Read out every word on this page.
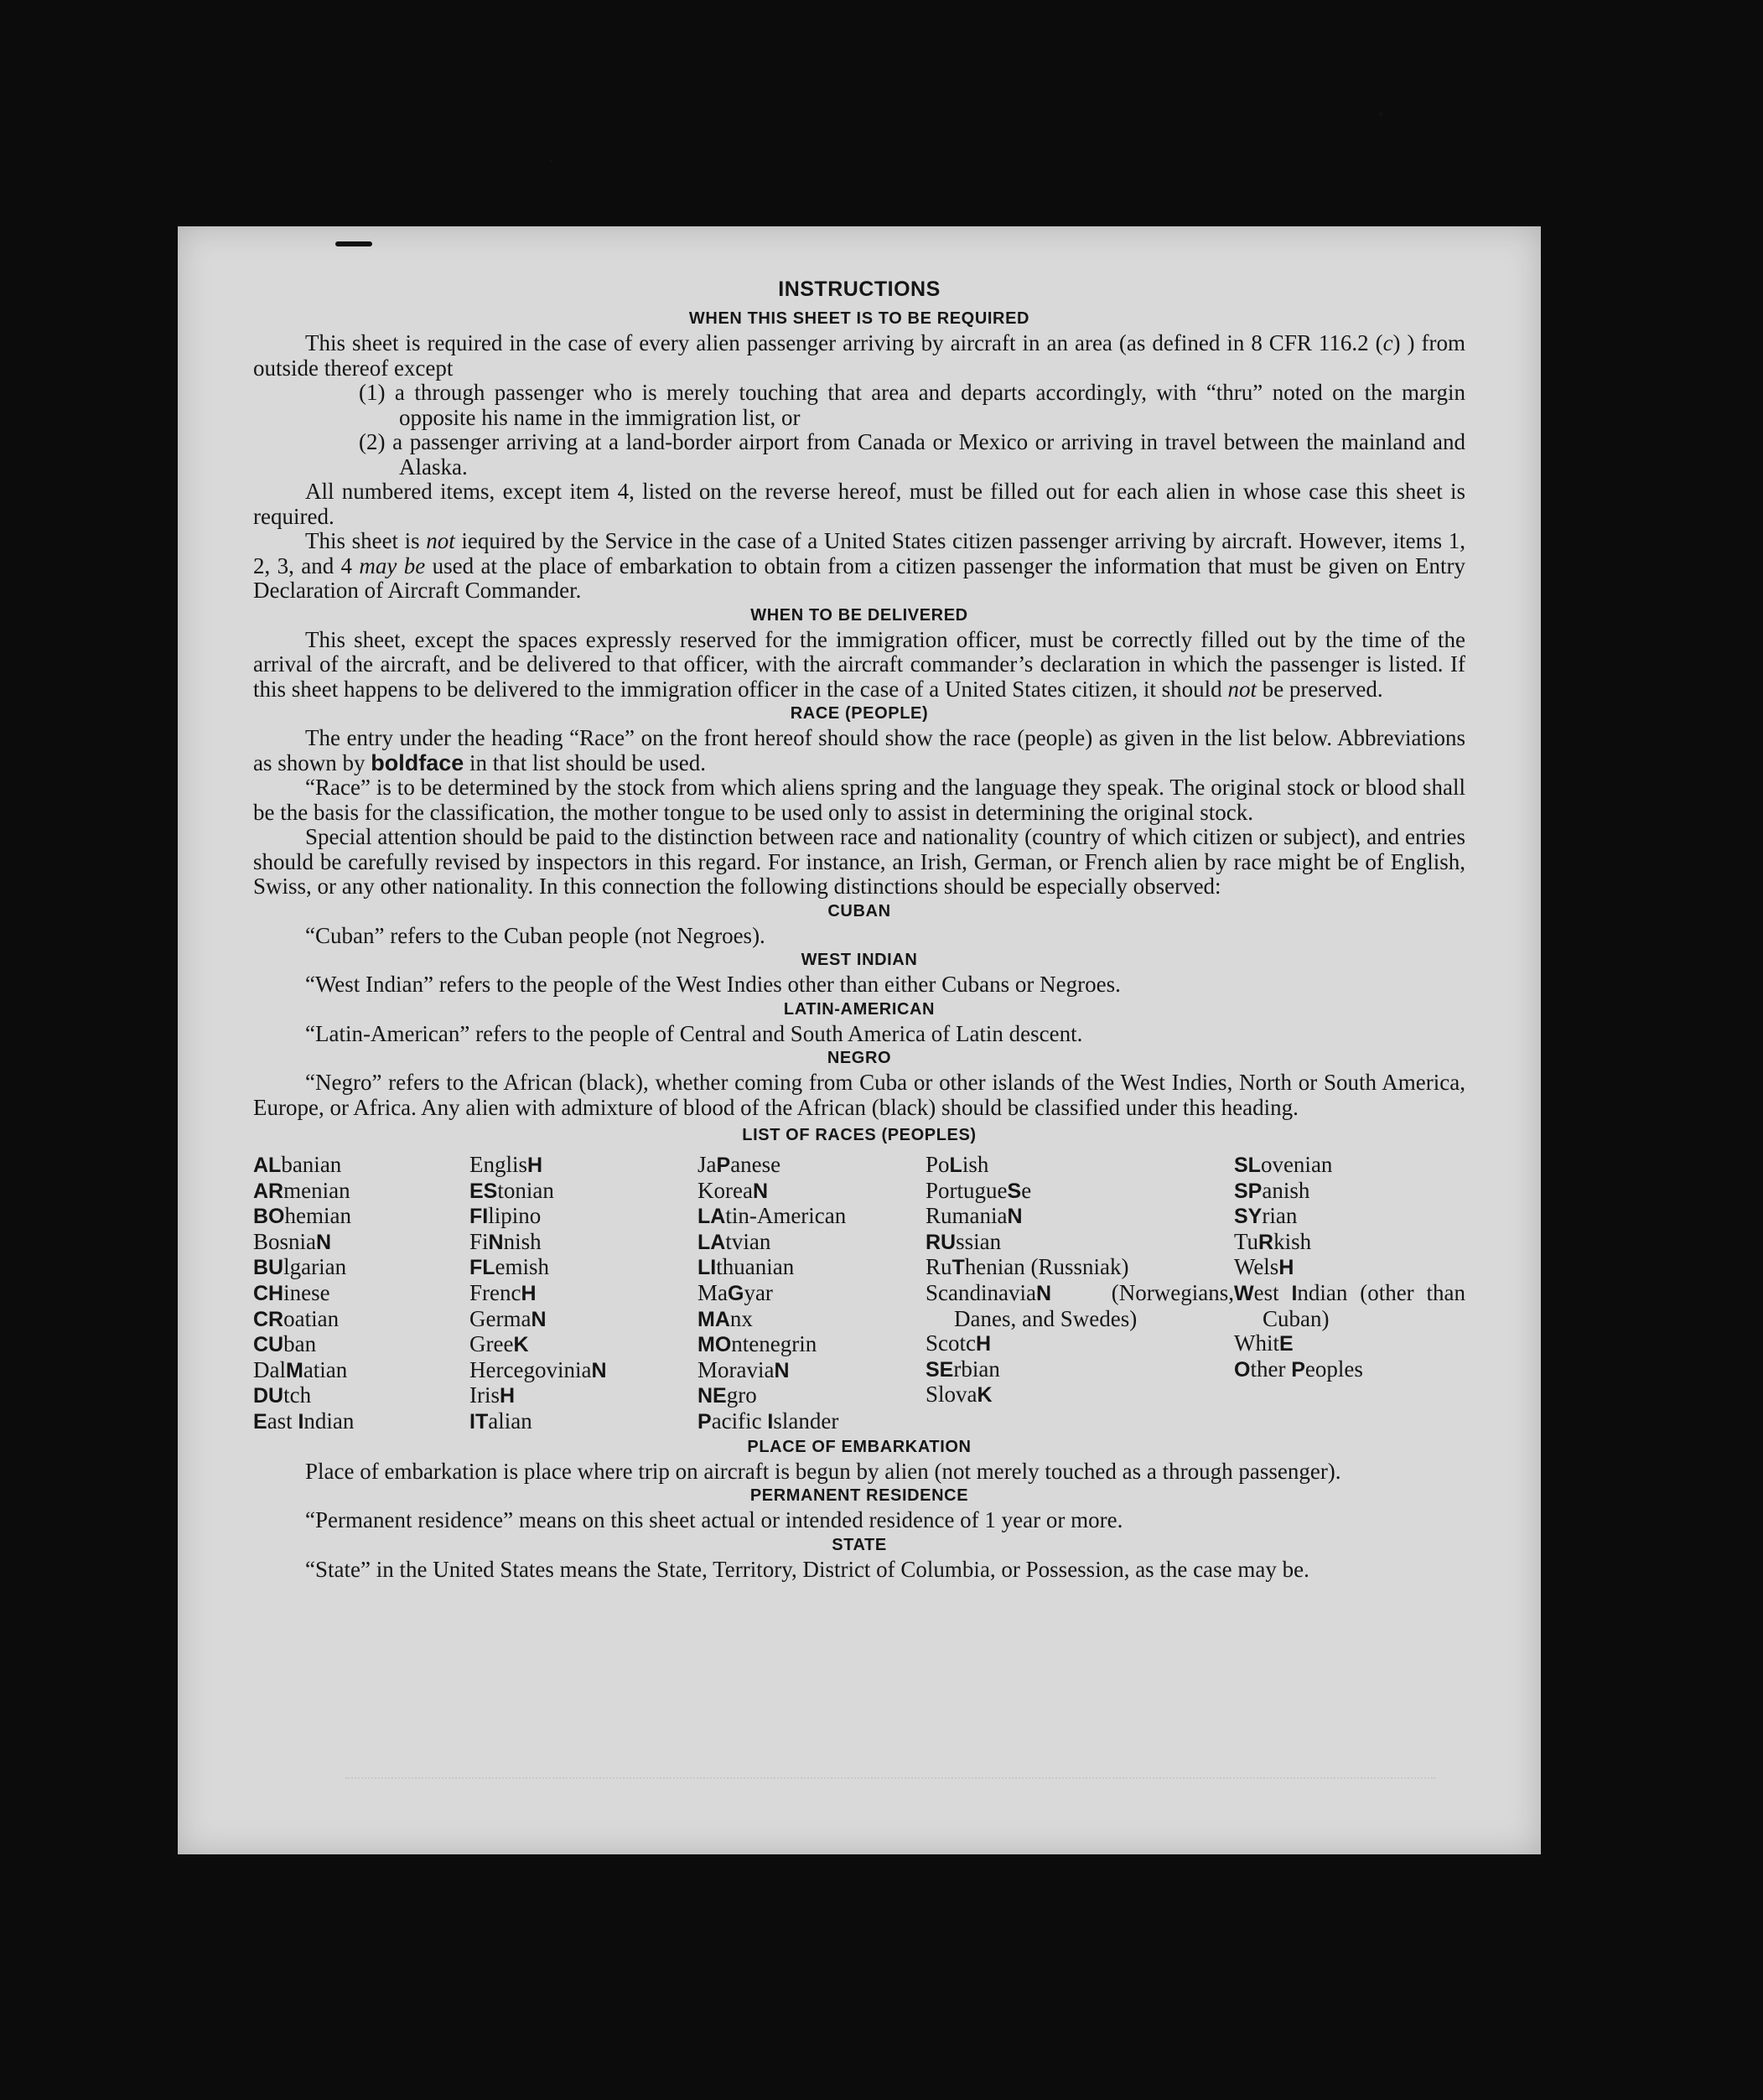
INSTRUCTIONS
WHEN THIS SHEET IS TO BE REQUIRED

This sheet is required in the case of every alien passenger arriving by aircraft in an area (as defined in 8 CFR 116.2 (c) ) from outside thereof except

(1) a through passenger who is merely touching that area and departs accordingly, with “thru” noted on the margin opposite his name in the immigration list, or
(2) a passenger arriving at a land-border airport from Canada or Mexico or arriving in travel between the mainland and Alaska.

All numbered items, except item 4, listed on the reverse hereof, must be filled out for each alien in whose case this sheet is required.

This sheet is not iequired by the Service in the case of a United States citizen passenger arriving by aircraft. However, items 1, 2, 3, and 4 may be used at the place of embarkation to obtain from a citizen passenger the information that must be given on Entry Declaration of Aircraft Commander.

WHEN TO BE DELIVERED

This sheet, except the spaces expressly reserved for the immigration officer, must be correctly filled out by the time of the arrival of the aircraft, and be delivered to that officer, with the aircraft commander’s declaration in which the passenger is listed. If this sheet happens to be delivered to the immigration officer in the case of a United States citizen, it should not be preserved.

RACE (PEOPLE)

The entry under the heading “Race” on the front hereof should show the race (people) as given in the list below. Abbreviations as shown by boldface in that list should be used.

“Race” is to be determined by the stock from which aliens spring and the language they speak. The original stock or blood shall be the basis for the classification, the mother tongue to be used only to assist in determining the original stock.

Special attention should be paid to the distinction between race and nationality (country of which citizen or subject), and entries should be carefully revised by inspectors in this regard. For instance, an Irish, German, or French alien by race might be of English, Swiss, or any other nationality. In this connection the following distinctions should be especially observed:

CUBAN

“Cuban” refers to the Cuban people (not Negroes).

WEST INDIAN

“West Indian” refers to the people of the West Indies other than either Cubans or Negroes.

LATIN-AMERICAN

“Latin-American” refers to the people of Central and South America of Latin descent.

NEGRO

“Negro” refers to the African (black), whether coming from Cuba or other islands of the West Indies, North or South America, Europe, or Africa. Any alien with admixture of blood of the African (black) should be classified under this heading.

LIST OF RACES (PEOPLES)
ALbanian
ARmenian
BOhemian
BosniaN
BUlgarian
CHinese
CRoatian
CUban
DalMatian
DUtch
East Indian
EnglisH
EStonian
FIlipino
FiNnish
FLemish
FrencH
GermaN
GreeK
HercegoviniaN
IrisH
ITalian
JaPanese
KoreaN
LAtin-American
LAtvian
LIthuanian
MaGyar
MAnx
MOntenegrin
MoraviaN
NEgro
Pacific Islander
PoLish
PortugueSe
RumaniaN
RUssian
RuThenian (Russniak)
ScandinaviaN (Norwegians, Danes, and Swedes)
ScotcH
SErbian
SlovaK
SLovenian
SPanish
SYrian
TuRkish
WelsH
West Indian (other than Cuban)
WhitE
Other Peoples
PLACE OF EMBARKATION

Place of embarkation is place where trip on aircraft is begun by alien (not merely touched as a through passenger).

PERMANENT RESIDENCE

“Permanent residence” means on this sheet actual or intended residence of 1 year or more.

STATE

“State” in the United States means the State, Territory, District of Columbia, or Possession, as the case may be.
